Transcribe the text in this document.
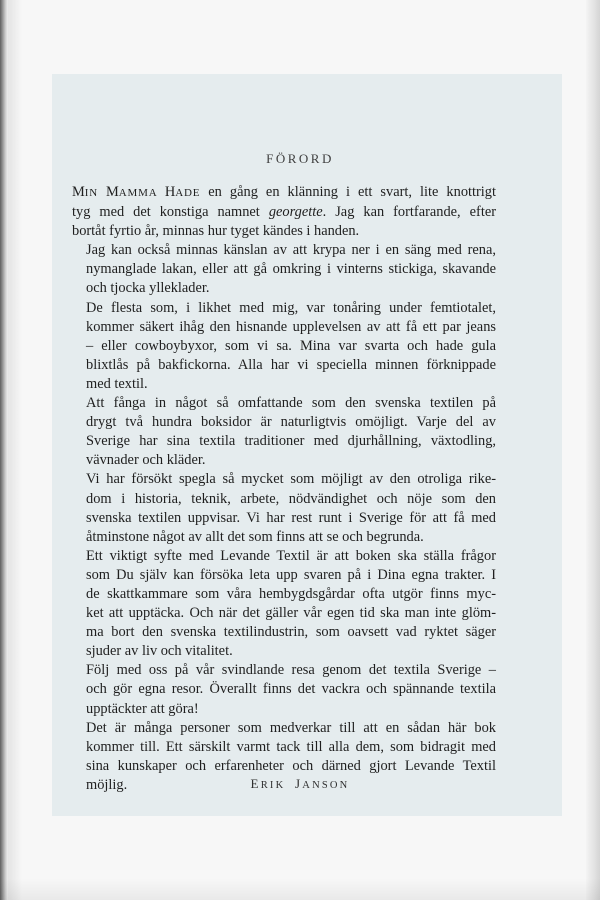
FÖRORD

MIN MAMMA HADE en gång en klänning i ett svart, lite knottrigt
tyg med det konstiga namnet georgette. Jag kan fortfarande, efter
bortåt fyrtio år, minnas hur tyget kändes i handen.

Jag kan också minnas känslan av att krypa ner i en säng med rena,
nymanglade lakan, eller att gå omkring i vinterns stickiga, skavande
och tjocka ylleklader.

De flesta som, i likhet med mig, var tonåring under femtiotalet,
kommer säkert ihåg den hisnande upplevelsen av att få ett par jeans
– eller cowboybyxor, som vi sa. Mina var svarta och hade gula
blixtlås på bakfickorna. Alla har vi speciella minnen förknippade
med textil.

Att fånga in något så omfattande som den svenska textilen på
drygt två hundra boksidor är naturligtvis omöjligt. Varje del av
Sverige har sina textila traditioner med djurhållning, växtodling,
vävnader och kläder.

Vi har försökt spegla så mycket som möjligt av den otroliga rike-
dom i historia, teknik, arbete, nödvändighet och nöje som den
svenska textilen uppvisar. Vi har rest runt i Sverige för att få med
åtminstone något av allt det som finns att se och begrunda.

Ett viktigt syfte med Levande Textil är att boken ska ställa frågor
som Du själv kan försöka leta upp svaren på i Dina egna trakter. I
de skattkammare som våra hembygdsgårdar ofta utgör finns myc-
ket att upptäcka. Och när det gäller vår egen tid ska man inte glöm-
ma bort den svenska textilindustrin, som oavsett vad ryktet säger
sjuder av liv och vitalitet.

Följ med oss på vår svindlande resa genom det textila Sverige –
och gör egna resor. Överallt finns det vackra och spännande textila
upptäckter att göra!

Det är många personer som medverkar till att en sådan här bok
kommer till. Ett särskilt varmt tack till alla dem, som bidragit med
sina kunskaper och erfarenheter och därned gjort Levande Textil
möjlig.	ERIK JANSON
